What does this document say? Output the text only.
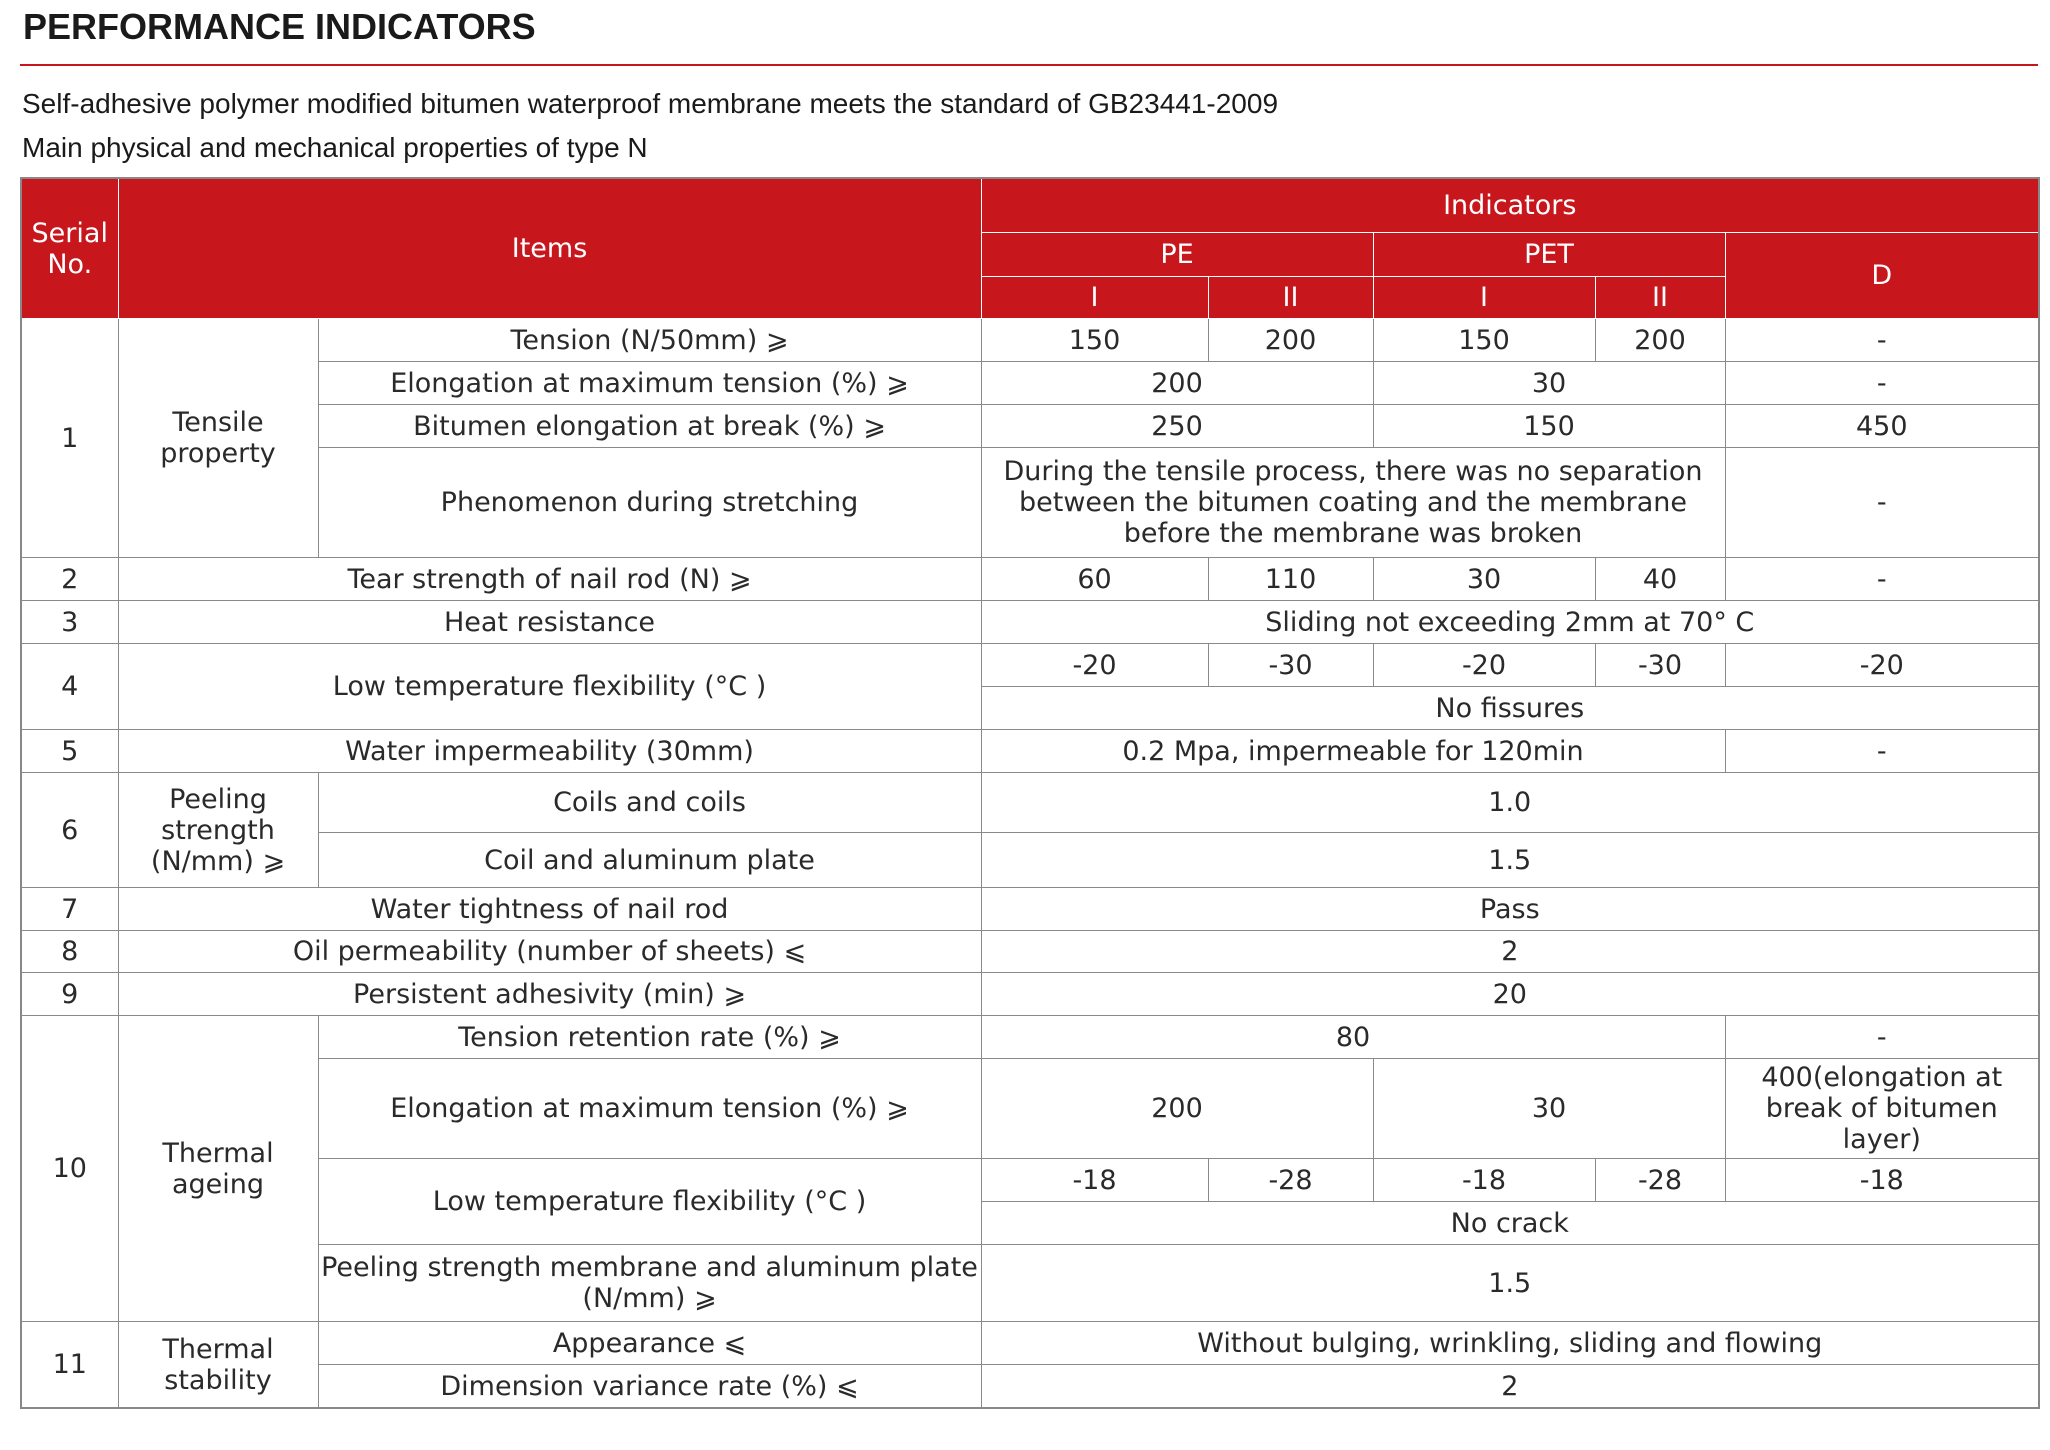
PERFORMANCE INDICATORS
Self-adhesive polymer modified bitumen waterproof membrane meets the standard of GB23441-2009
Main physical and mechanical properties of type N
Serial No.	Items		Indicators				
			PE		PET		D
			I	II	I	II	
1	Tensile property	Tension (N/50mm) ⩾	150	200	150	200	-
		Elongation at maximum tension (%) ⩾	200		30		-
		Bitumen elongation at break (%) ⩾	250		150		450
		Phenomenon during stretching	During the tensile process, there was no separation between the bitumen coating and the membrane before the membrane was broken				-
2	Tear strength of nail rod (N) ⩾		60	110	30	40	-
3	Heat resistance		Sliding not exceeding 2mm at 70° C				
4	Low temperature flexibility (°C )		-20	-30	-20	-30	-20
			No fissures				
5	Water impermeability (30mm)		0.2 Mpa, impermeable for 120min				-
6	Peeling strength (N/mm) ⩾	Coils and coils	1.0				
		Coil and aluminum plate	1.5				
7	Water tightness of nail rod		Pass				
8	Oil permeability (number of sheets) ⩽		2				
9	Persistent adhesivity (min) ⩾		20				
10	Thermal ageing	Tension retention rate (%) ⩾	80				-
		Elongation at maximum tension (%) ⩾	200		30		400(elongation at break of bitumen layer)
		Low temperature flexibility (°C )	-18	-28	-18	-28	-18
			No crack				
		Peeling strength membrane and aluminum plate (N/mm) ⩾	1.5				
11	Thermal stability	Appearance ⩽	Without bulging, wrinkling, sliding and flowing				
		Dimension variance rate (%) ⩽	2				
